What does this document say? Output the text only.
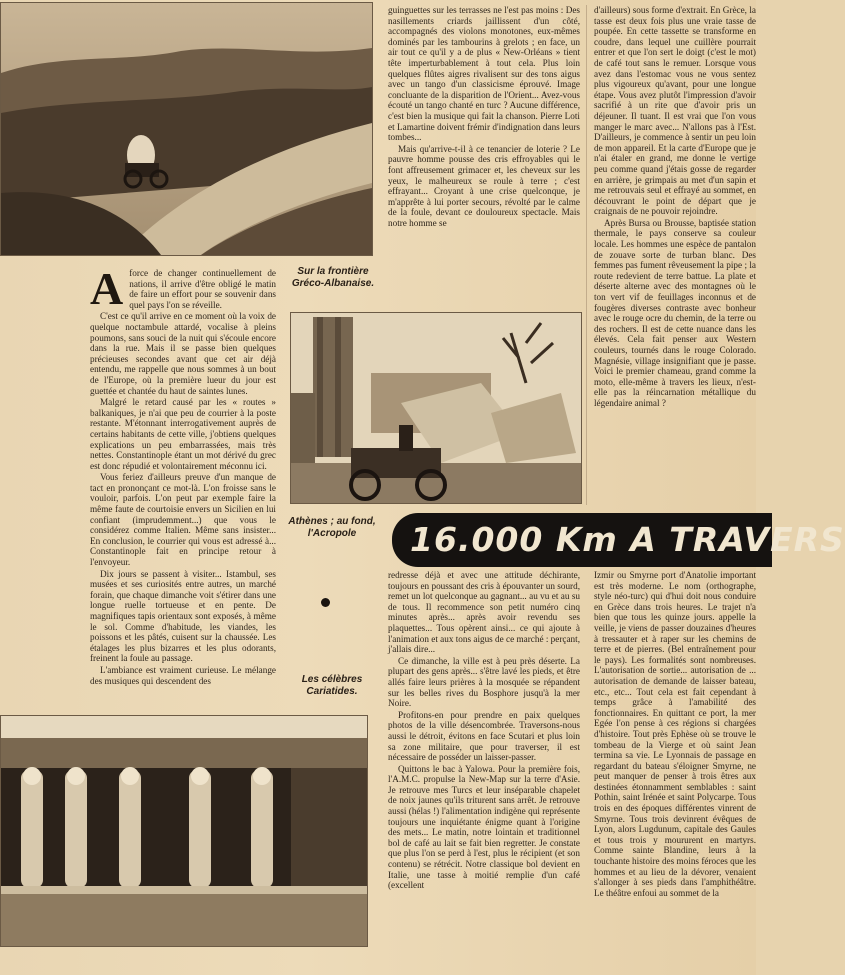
A force de changer continuellement de nations, il arrive d'être obligé le matin de faire un effort pour se souvenir dans quel pays l'on se réveille.

C'est ce qu'il arrive en ce moment où la voix de quelque noctambule attardé, vocalise à pleins poumons, sans souci de la nuit qui s'écoule encore dans la rue. Mais il se passe bien quelques précieuses secondes avant que cet air déjà entendu, me rappelle que nous sommes à un bout de l'Europe, où la première lueur du jour est guettée et chantée du haut de saintes lunes.

Malgré le retard causé par les « routes » balkaniques, je n'ai que peu de courrier à la poste restante. M'étonnant interrogativement auprès de certains habitants de cette ville, j'obtiens quelques explications un peu embarrassées, mais très nettes. Constantinople étant un mot dérivé du grec est donc répudié et volontairement méconnu ici.

Vous feriez d'ailleurs preuve d'un manque de tact en prononçant ce mot-là. L'on froisse sans le vouloir, parfois. L'on peut par exemple faire la même faute de courtoisie envers un Sicilien en lui confiant (imprudemment...) que vous le considérez comme Italien. Même sans insister... En conclusion, le courrier qui vous est adressé à... Constantinople fait en principe retour à l'envoyeur.

Dix jours se passent à visiter... Istambul, ses musées et ses curiosités entre autres, un marché forain, que chaque dimanche voit s'étirer dans une longue ruelle tortueuse et en pente. De magnifiques tapis orientaux sont exposés, à même le sol. Comme d'habitude, les viandes, les poissons et les pâtés, cuisent sur la chaussée. Les étalages les plus bizarres et les plus odorants, freinent la foule au passage.

L'ambiance est vraiment curieuse. Le mélange des musiques qui descendent des

Sur la frontière Gréco-Albanaise.

guinguettes sur les terrasses ne l'est pas moins : Des nasillements criards jaillissent d'un côté, accompagnés des violons monotones, eux-mêmes dominés par les tambourins à grelots ; en face, un air tout ce qu'il y a de plus « New-Orléans » tient tête imperturbablement à tout cela. Plus loin quelques flûtes aigres rivalisent sur des tons aigus avec un tango d'un classicisme éprouvé. Image concluante de la disparition de l'Orient... Avez-vous écouté un tango chanté en turc ? Aucune différence, c'est bien la musique qui fait la chanson. Pierre Loti et Lamartine doivent frémir d'indignation dans leurs tombes...

Mais qu'arrive-t-il à ce tenancier de loterie ? Le pauvre homme pousse des cris effroyables qui le font affreusement grimacer et, les cheveux sur les yeux, le malheureux se roule à terre ; c'est effrayant... Croyant à une crise quelconque, je m'apprête à lui porter secours, révolté par le calme de la foule, devant ce douloureux spectacle. Mais notre homme se

d'ailleurs) sous forme d'extrait. En Grèce, la tasse est deux fois plus une vraie tasse de poupée. En cette tassette se transforme en coudre, dans lequel une cuillère pourrait entrer et que l'on sert le doigt (c'est le mot) de café tout sans le remuer. Lorsque vous avez dans l'estomac vous ne vous sentez plus vigoureux qu'avant, pour une longue étape. Vous avez plutôt l'impression d'avoir sacrifié à un rite que d'avoir pris un déjeuner. Il tuant. Il est vrai que l'on vous manger le marc avec... N'allons pas à l'Est. D'ailleurs, je commence à sentir un peu loin de mon appareil. Et la carte d'Europe que je n'ai étaler en grand, me donne le vertige peu comme quand j'étais gosse de regarder en arrière, je grimpais au met d'un sapin et me retrouvais seul et effrayé au sommet, en découvrant le point de départ que je craignais de ne pouvoir rejoindre.

Après Bursa ou Brousse, baptisée station thermale, le pays conserve sa couleur locale. Les hommes une espèce de pantalon de zouave sorte de turban blanc. Des femmes pas fument rêveusement la pipe ; la route redevient de terre battue. La plate et déserte alterne avec des montagnes où le ton vert vif de feuillages inconnus et de fougères diverses contraste avec bonheur avec le rouge ocre du chemin, de la terre ou des rochers. Il est de cette nuance dans les élevés. Cela fait penser aux Western couleurs, tournés dans le rouge Colorado. Magnésie, village insignifiant que je passe. Voici le premier chameau, grand comme la moto, elle-même à travers les lieux, n'est-elle pas la réincarnation métallique du légendaire animal ?

Athènes ; au fond, l'Acropole	16.000 Km A TRAVERS
Les célèbres Cariatides.

redresse déjà et avec une attitude déchirante, toujours en poussant des cris à épouvanter un sourd, remet un lot quelconque au gagnant... au vu et au su de tous. Il recommence son petit numéro cinq minutes après... après avoir revendu ses plaquettes... Tous opèrent ainsi... ce qui ajoute à l'animation et aux tons aigus de ce marché : perçant, j'allais dire...

Ce dimanche, la ville est à peu près déserte. La plupart des gens après... s'être lavé les pieds, et être allés faire leurs prières à la mosquée se répandent sur les belles rives du Bosphore jusqu'à la mer Noire.

Profitons-en pour prendre en paix quelques photos de la ville désencombrée. Traversons-nous aussi le détroit, évitons en face Scutari et plus loin sa zone militaire, que pour traverser, il est nécessaire de posséder un laisser-passer.

Quittons le bac à Yalowa. Pour la première fois, l'A.M.C. propulse la New-Map sur la terre d'Asie. Je retrouve mes Turcs et leur inséparable chapelet de noix jaunes qu'ils triturent sans arrêt. Je retrouve aussi (hélas !) l'alimentation indigène qui représente toujours une inquiétante énigme quant à l'origine des mets... Le matin, notre lointain et traditionnel bol de café au lait se fait bien regretter. Je constate que plus l'on se perd à l'est, plus le récipient (et son contenu) se rétrécit. Notre classique bol devient en Italie, une tasse à moitié remplie d'un café (excellent

Izmir ou Smyrne port d'Anatolie important est très moderne. Le nom (orthographe, style néo-turc) qui d'hui doit nous conduire en Grèce dans trois heures. Le trajet n'a bien que tous les quinze jours. appelle la veille, je viens de passer douzaines d'heures à tressauter et à raper sur les chemins de terre et de pierres. (Bel entraînement pour le pays). Les formalités sont nombreuses. L'autorisation de sortie... autorisation de ... autorisation de demande de laisser bateau, etc., etc... Tout cela est fait cependant à temps grâce à l'amabilité des fonctionnaires. En quittant ce port, la mer Egée l'on pense à ces régions si chargées d'histoire. Tout près Ephèse où se trouve le tombeau de la Vierge et où saint Jean termina sa vie. Le Lyonnais de passage en regardant du bateau s'éloigner Smyrne, ne peut manquer de penser à trois êtres aux destinées étonnamment semblables : saint Pothin, saint Irénée et saint Polycarpe. Tous trois en des époques différentes vinrent de Smyrne. Tous trois devinrent évêques de Lyon, alors Lugdunum, capitale des Gaules et tous trois y moururent en martyrs. Comme sainte Blandine, leurs à la touchante histoire des moins féroces que les hommes et au lieu de la dévorer, venaient s'allonger à ses pieds dans l'amphithéâtre. Le théâtre enfoui au sommet de la
